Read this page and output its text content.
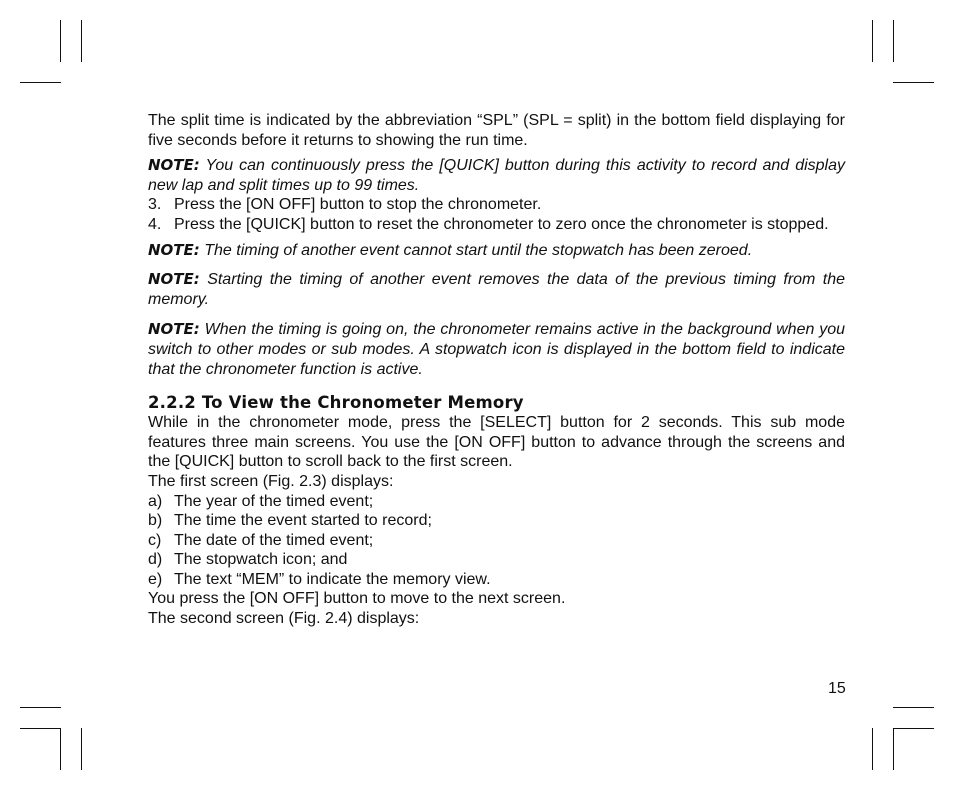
The split time is indicated by the abbreviation “SPL” (SPL = split) in the bottom field displaying for five seconds before it returns to showing the run time.

NOTE: You can continuously press the [QUICK] button during this activity to record and display new lap and split times up to 99 times.

3. Press the [ON OFF] button to stop the chronometer.
4. Press the [QUICK] button to reset the chronometer to zero once the chronometer is stopped.

NOTE: The timing of another event cannot start until the stopwatch has been zeroed.

NOTE: Starting the timing of another event removes the data of the previous timing from the memory.

NOTE: When the timing is going on, the chronometer remains active in the background when you switch to other modes or sub modes. A stopwatch icon is displayed in the bottom field to indicate that the chronometer function is active.

2.2.2 To View the Chronometer Memory

While in the chronometer mode, press the [SELECT] button for 2 seconds. This sub mode features three main screens. You use the [ON OFF] button to advance through the screens and the [QUICK] button to scroll back to the first screen.

The first screen (Fig. 2.3) displays:

a) The year of the timed event;
b) The time the event started to record;
c) The date of the timed event;
d) The stopwatch icon; and
e) The text “MEM” to indicate the memory view.

You press the [ON OFF] button to move to the next screen.

The second screen (Fig. 2.4) displays:

15
